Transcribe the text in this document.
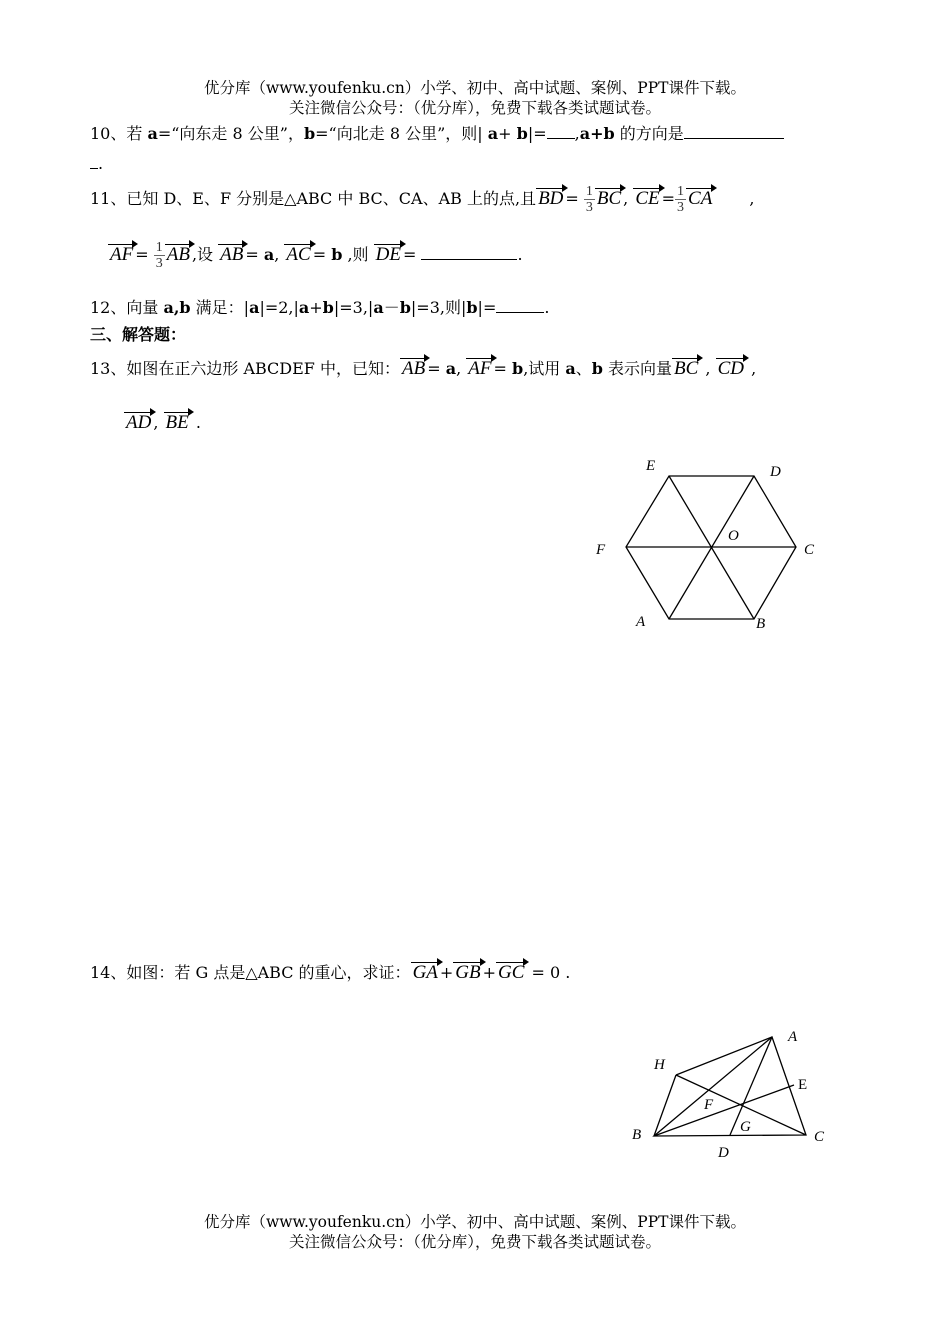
优分库（www.youfenku.cn）小学、初中、高中试题、案例、PPT课件下载。
关注微信公众号：（优分库），免费下载各类试题试卷。
10、若 a=“向东走 8 公里”，b=“向北走 8 公里”，则| a+ b|= ,a+b 的方向是
.
11、已知 D、E、F 分别是△ABC 中 BC、CA、AB 上的点,且 BD = $\frac{1}{3}$ BC , CE = $\frac{1}{3}$ CA ,
AF = $\frac{1}{3}$ AB ,设 AB = a, AC = b ,则 DE =	.
12、向量 a,b 满足：|a|=2,|a+b|=3,|a－b|=3,则|b|=	.
三、解答题：
13、如图在正六边形 ABCDEF 中，已知： AB = a, AF = b,试用 a、b 表示向量 BC , CD ,
AD , BE .
E	D
F
O
C
A	B
14、如图：若 G 点是△ABC 的重心，求证： GA + GB + GC = 0 .
A
H
E
F
G
B	C
D
优分库（www.youfenku.cn）小学、初中、高中试题、案例、PPT课件下载。
关注微信公众号：（优分库），免费下载各类试题试卷。
